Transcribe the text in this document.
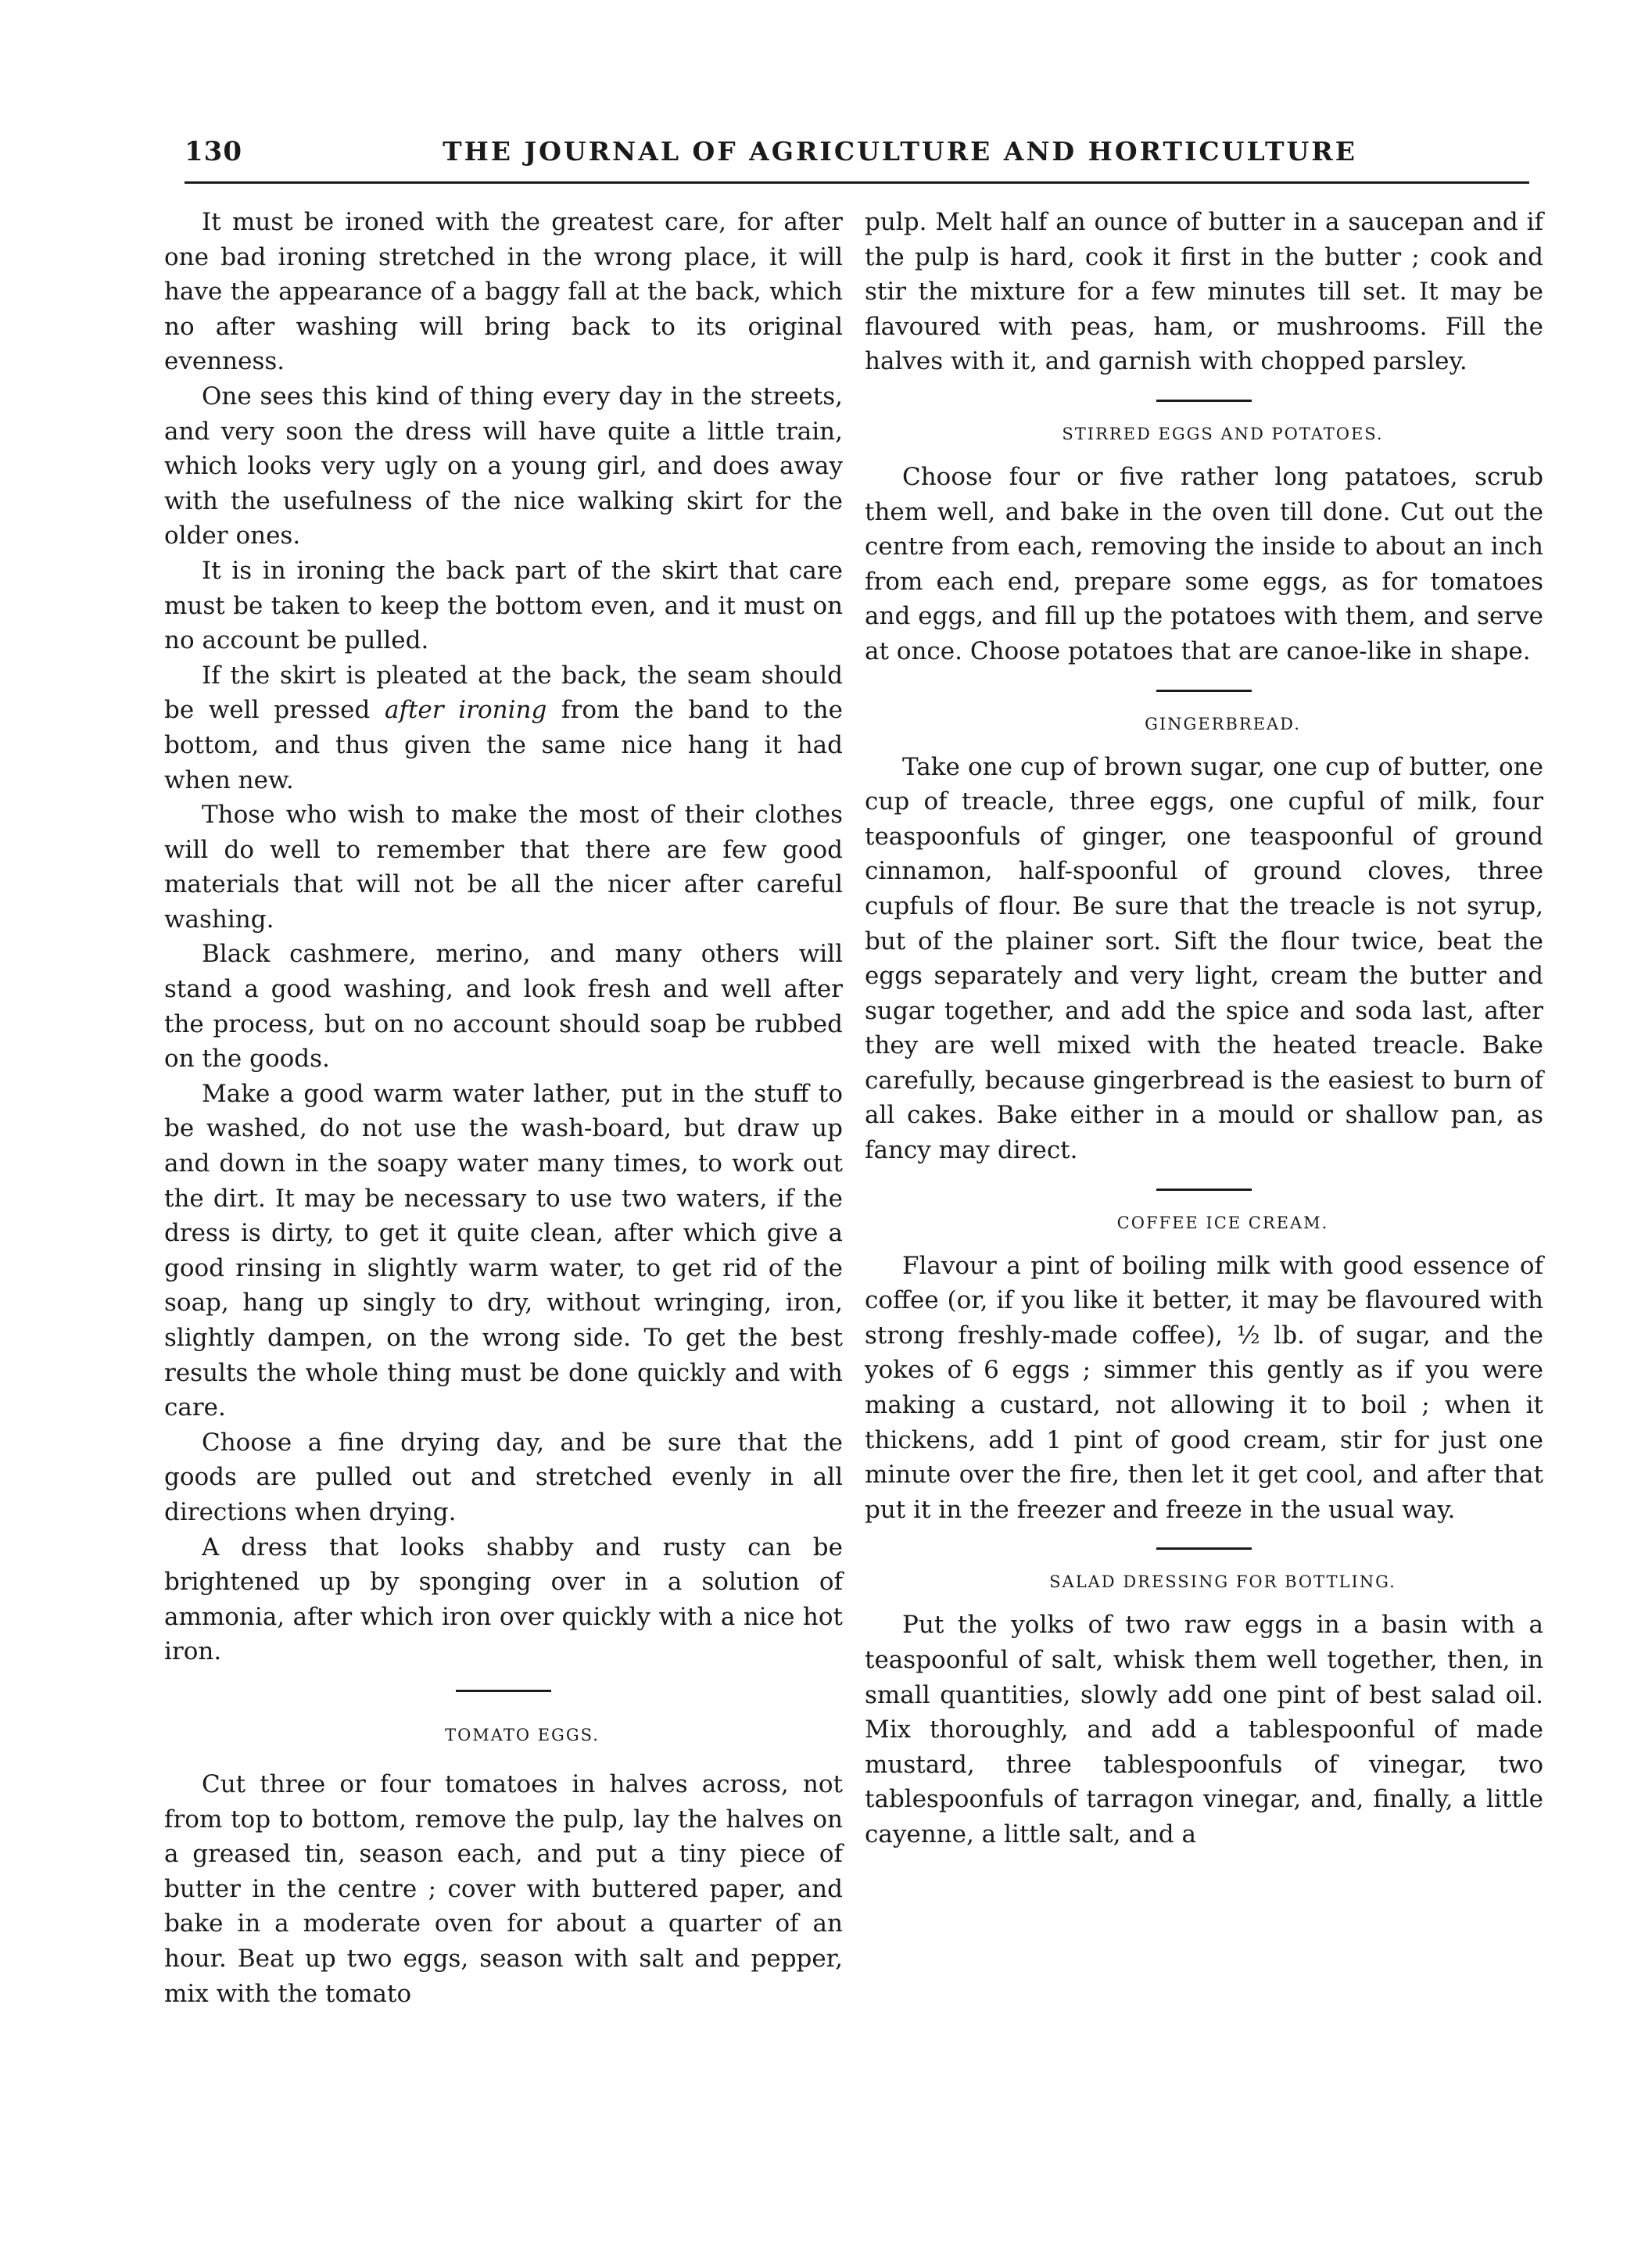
130	THE JOURNAL OF AGRICULTURE AND HORTICULTURE

It must be ironed with the greatest care, for after one bad ironing stretched in the wrong place, it will have the appearance of a baggy fall at the back, which no after washing will bring back to its original evenness.

One sees this kind of thing every day in the streets, and very soon the dress will have quite a little train, which looks very ugly on a young girl, and does away with the usefulness of the nice walking skirt for the older ones.

It is in ironing the back part of the skirt that care must be taken to keep the bottom even, and it must on no account be pulled.

If the skirt is pleated at the back, the seam should be well pressed after ironing from the band to the bottom, and thus given the same nice hang it had when new.

Those who wish to make the most of their clothes will do well to remember that there are few good materials that will not be all the nicer after careful washing.

Black cashmere, merino, and many others will stand a good washing, and look fresh and well after the process, but on no account should soap be rubbed on the goods.

Make a good warm water lather, put in the stuff to be washed, do not use the wash-board, but draw up and down in the soapy water many times, to work out the dirt. It may be necessary to use two waters, if the dress is dirty, to get it quite clean, after which give a good rinsing in slightly warm water, to get rid of the soap, hang up singly to dry, without wringing, iron, slightly dampen, on the wrong side. To get the best results the whole thing must be done quickly and with care.

Choose a fine drying day, and be sure that the goods are pulled out and stretched evenly in all directions when drying.

A dress that looks shabby and rusty can be brightened up by sponging over in a solution of ammonia, after which iron over quickly with a nice hot iron.

TOMATO EGGS.

Cut three or four tomatoes in halves across, not from top to bottom, remove the pulp, lay the halves on a greased tin, season each, and put a tiny piece of butter in the centre ; cover with buttered paper, and bake in a moderate oven for about a quarter of an hour. Beat up two eggs, season with salt and pepper, mix with the tomato

pulp. Melt half an ounce of butter in a saucepan and if the pulp is hard, cook it first in the butter ; cook and stir the mixture for a few minutes till set. It may be flavoured with peas, ham, or mushrooms. Fill the halves with it, and garnish with chopped parsley.

STIRRED EGGS AND POTATOES.

Choose four or five rather long patatoes, scrub them well, and bake in the oven till done. Cut out the centre from each, removing the inside to about an inch from each end, prepare some eggs, as for tomatoes and eggs, and fill up the potatoes with them, and serve at once. Choose potatoes that are canoe-like in shape.

GINGERBREAD.

Take one cup of brown sugar, one cup of butter, one cup of treacle, three eggs, one cupful of milk, four teaspoonfuls of ginger, one teaspoonful of ground cinnamon, half-spoonful of ground cloves, three cupfuls of flour. Be sure that the treacle is not syrup, but of the plainer sort. Sift the flour twice, beat the eggs separately and very light, cream the butter and sugar together, and add the spice and soda last, after they are well mixed with the heated treacle. Bake carefully, because gingerbread is the easiest to burn of all cakes. Bake either in a mould or shallow pan, as fancy may direct.

COFFEE ICE CREAM.

Flavour a pint of boiling milk with good essence of coffee (or, if you like it better, it may be flavoured with strong freshly-made coffee), ½ lb. of sugar, and the yokes of 6 eggs ; simmer this gently as if you were making a custard, not allowing it to boil ; when it thickens, add 1 pint of good cream, stir for just one minute over the fire, then let it get cool, and after that put it in the freezer and freeze in the usual way.

SALAD DRESSING FOR BOTTLING.

Put the yolks of two raw eggs in a basin with a teaspoonful of salt, whisk them well together, then, in small quantities, slowly add one pint of best salad oil. Mix thoroughly, and add a tablespoonful of made mustard, three tablespoonfuls of vinegar, two tablespoonfuls of tarragon vinegar, and, finally, a little cayenne, a little salt, and a
